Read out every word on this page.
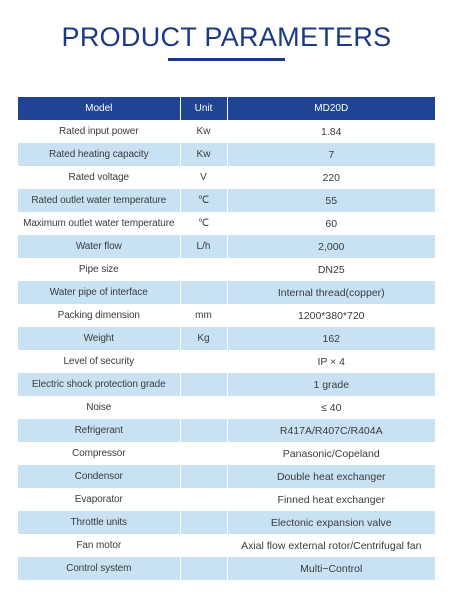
PRODUCT PARAMETERS
Model	Unit	MD20D
Rated input power	Kw	1.84
Rated heating capacity	Kw	7
Rated voltage	V	220
Rated outlet water temperature	℃	55
Maximum outlet water temperature	℃	60
Water flow	L/h	2,000
Pipe size		DN25
Water pipe of interface		Internal thread(copper)
Packing dimension	mm	1200*380*720
Weight	Kg	162
Level of security		IP × 4
Electric shock protection grade		1 grade
Noise		≤ 40
Refrigerant		R417A/R407C/R404A
Compressor		Panasonic/Copeland
Condensor		Double heat exchanger
Evaporator		Finned heat exchanger
Throttle units		Electonic expansion valve
Fan motor		Axial flow external rotor/Centrifugal fan
Control system		Multi−Control
